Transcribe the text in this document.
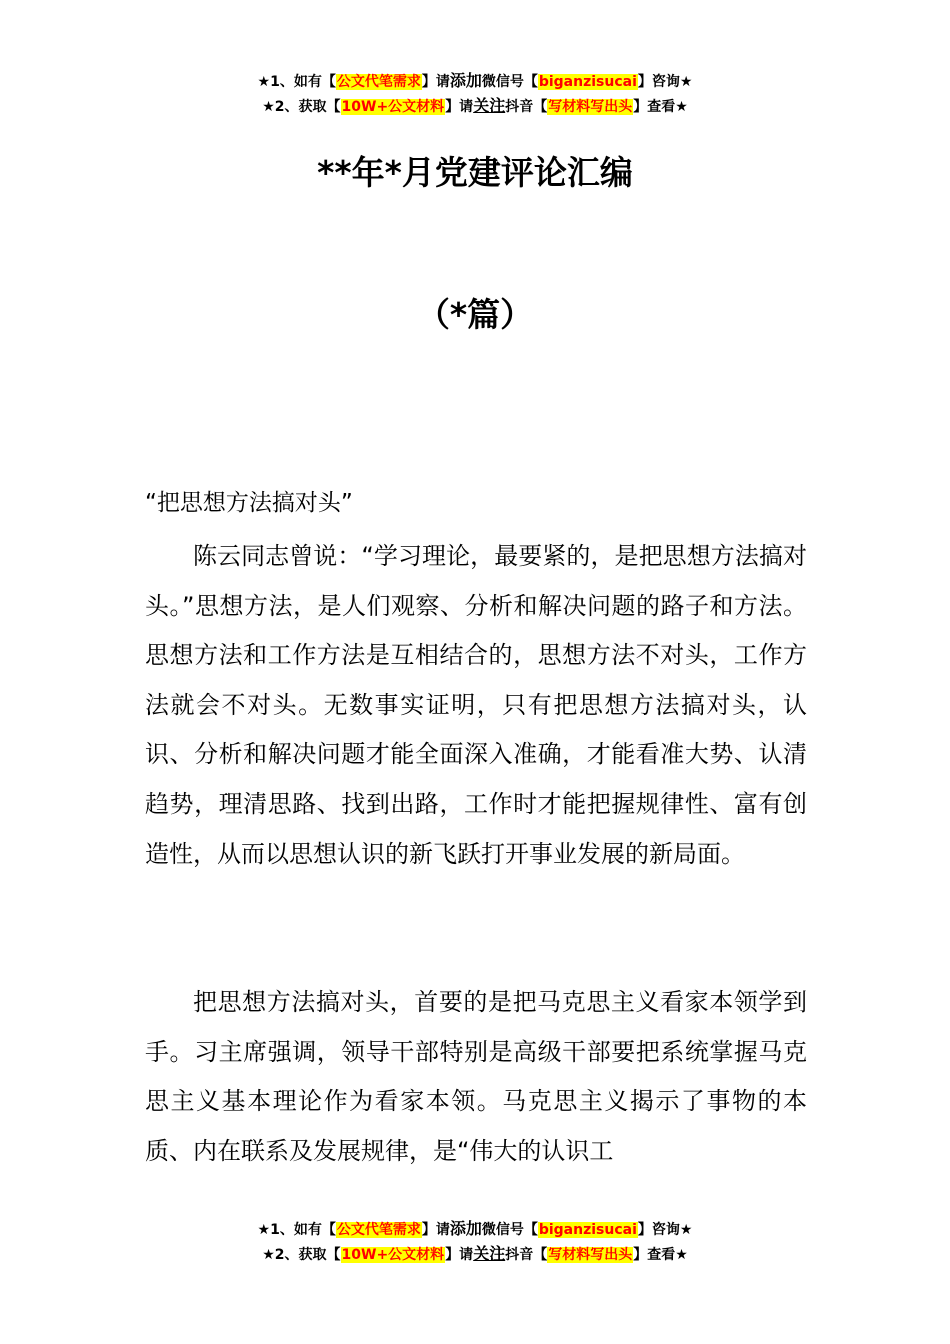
★1、如有【公文代笔需求】请添加微信号【biganzisucai】咨询★
★2、获取【10W+公文材料】请关注抖音【写材料写出头】查看★
**年*月党建评论汇编
（*篇）
“把思想方法搞对头”

陈云同志曾说：“学习理论，最要紧的，是把思想方法搞对头。”思想方法，是人们观察、分析和解决问题的路子和方法。思想方法和工作方法是互相结合的，思想方法不对头，工作方法就会不对头。无数事实证明，只有把思想方法搞对头，认识、分析和解决问题才能全面深入准确，才能看准大势、认清趋势，理清思路、找到出路，工作时才能把握规律性、富有创造性，从而以思想认识的新飞跃打开事业发展的新局面。

把思想方法搞对头，首要的是把马克思主义看家本领学到手。习主席强调，领导干部特别是高级干部要把系统掌握马克思主义基本理论作为看家本领。马克思主义揭示了事物的本质、内在联系及发展规律，是“伟大的认识工

★1、如有【公文代笔需求】请添加微信号【biganzisucai】咨询★
★2、获取【10W+公文材料】请关注抖音【写材料写出头】查看★
